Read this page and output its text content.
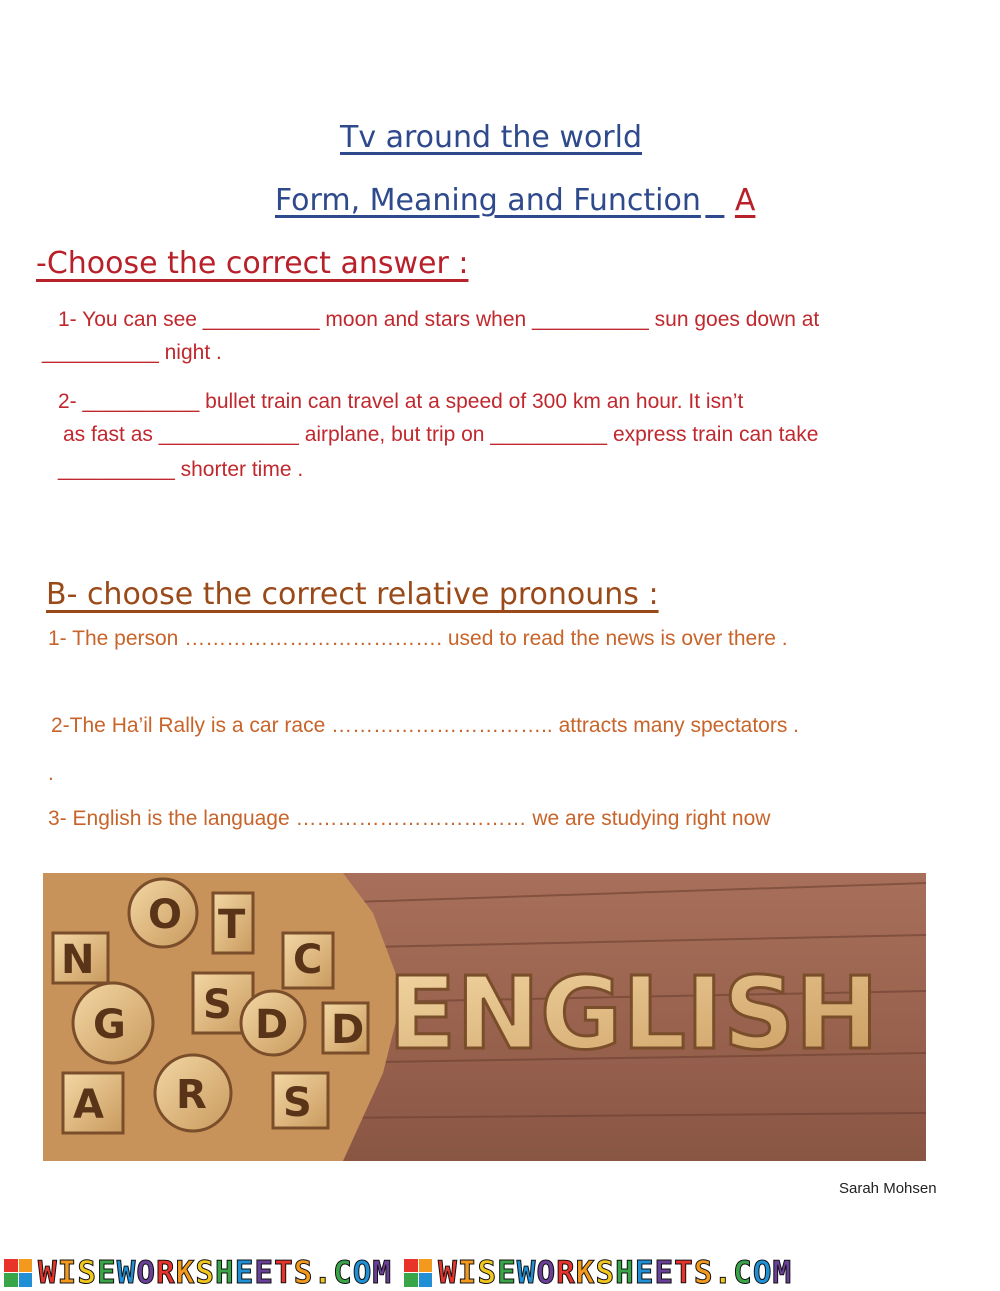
Tv around the world
Form, Meaning and Function A
-Choose the correct answer :
1- You can see __________ moon and stars when __________ sun goes down at
__________ night .
2- __________ bullet train can travel at a speed of 300 km an hour. It isn’t
as fast as ____________ airplane, but trip on __________ express train can take
__________ shorter time .
B- choose the correct relative pronouns :
1- The person ………………………………. used to read the news is over there .
2-The Ha’il Rally is a car race ………………………….. attracts many spectators .
.
3- English is the language …………………………… we are studying right now
O T
N
G S
C
D
A R S
D ENGLISH
Sarah Mohsen
WISEWORKSHEETS.COM WISEWORKSHEETS.COM
